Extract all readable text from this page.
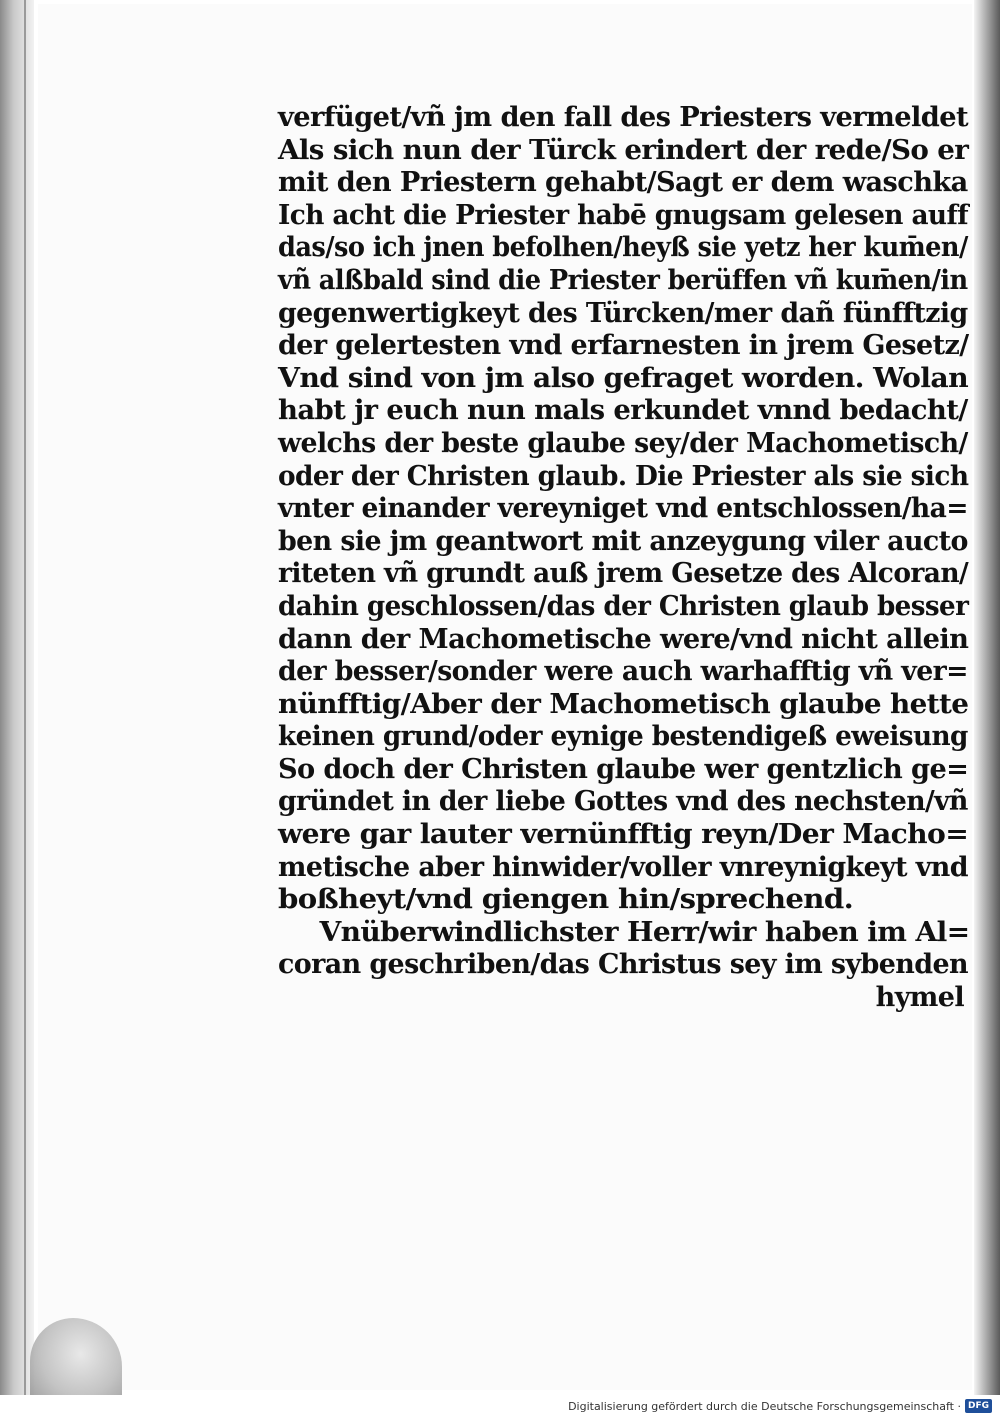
verfüget/vñ jm den fall des Priesters vermeldet
Als sich nun der Türck erindert der rede/So er
mit den Priestern gehabt/Sagt er dem waschka
Ich acht die Priester habē gnugsam gelesen auff
das/so ich jnen befolhen/heyß sie yetz her kum̄en/
vñ alßbald sind die Priester berüffen vñ kum̄en/in
gegenwertigkeyt des Türcken/mer dañ fünfftzig
der gelertesten vnd erfarnesten in jrem Gesetz/
Vnd sind von jm also gefraget worden. Wolan
habt jr euch nun mals erkundet vnnd bedacht/
welchs der beste glaube sey/der Machometisch/
oder der Christen glaub. Die Priester als sie sich
vnter einander vereyniget vnd entschlossen/ha=
ben sie jm geantwort mit anzeygung viler aucto
riteten vñ grundt auß jrem Gesetze des Alcoran/
dahin geschlossen/das der Christen glaub besser
dann der Machometische were/vnd nicht allein
der besser/sonder were auch warhafftig vñ ver=
nünfftig/Aber der Machometisch glaube hette
keinen grund/oder eynige bestendigeß eweisung
So doch der Christen glaube wer gentzlich ge=
gründet in der liebe Gottes vnd des nechsten/vñ
were gar lauter vernünfftig reyn/Der Macho=
metische aber hinwider/voller vnreynigkeyt vnd
boßheyt/vnd giengen hin/sprechend.
Vnüberwindlichster Herr/wir haben im Al=
coran geschriben/das Christus sey im sybenden
hymel
Digitalisierung gefördert durch die Deutsche Forschungsgemeinschaft · DFG
